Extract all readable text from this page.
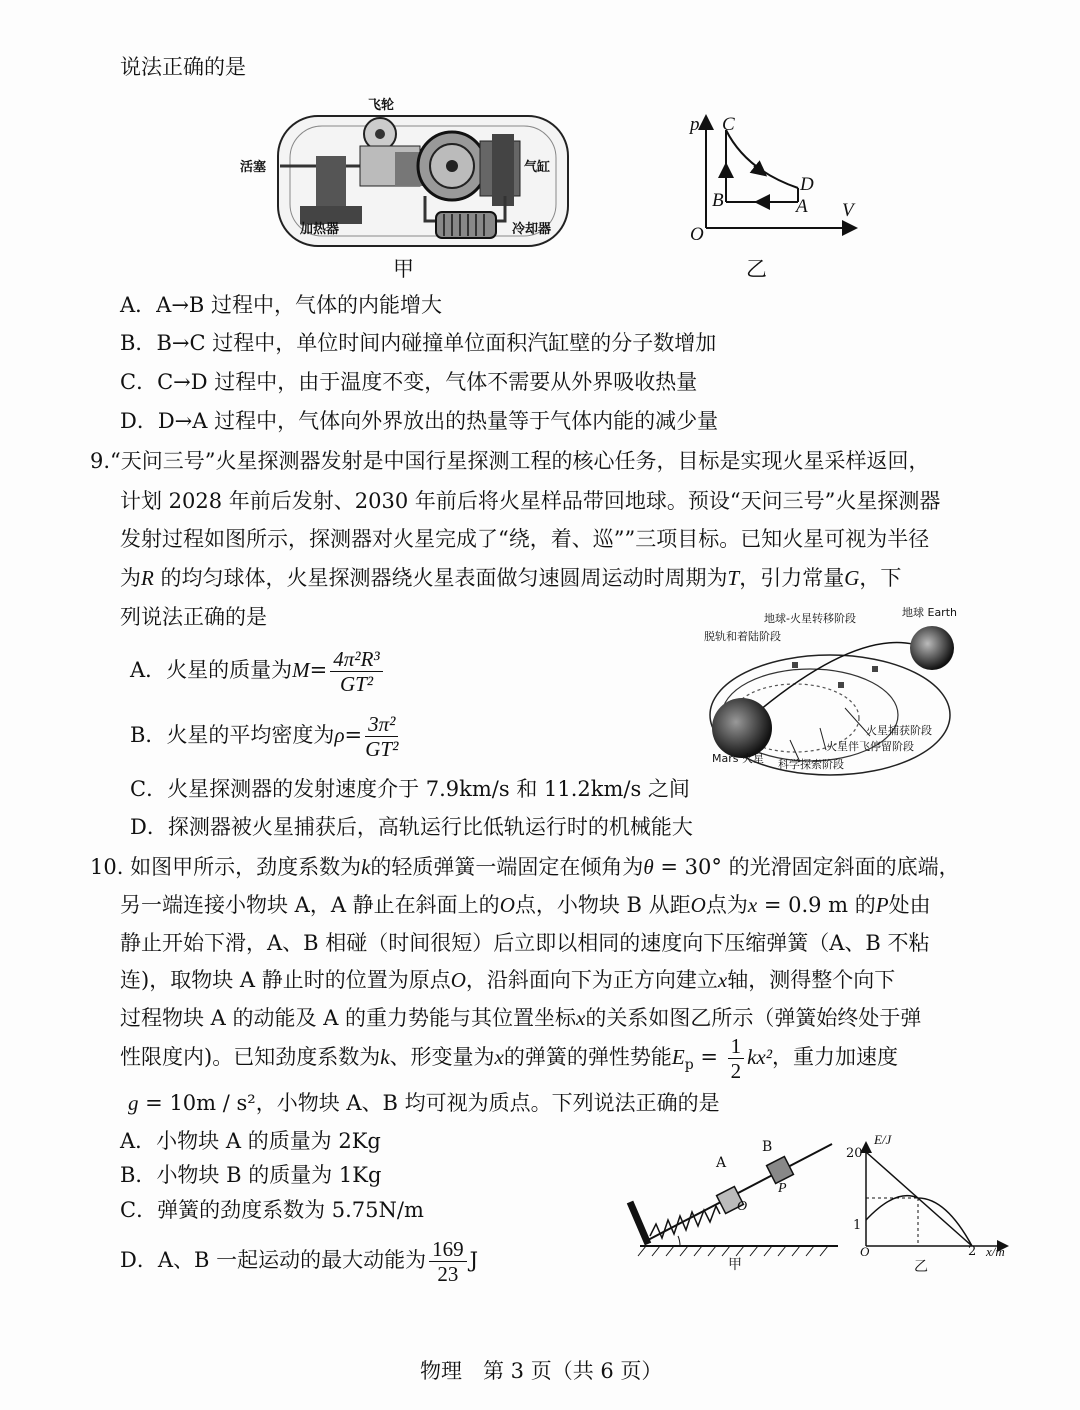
说法正确的是
飞轮
活塞	气缸
加热器	冷却器
甲
p C
B
D
A V
O
乙
A．A→B 过程中，气体的内能增大
B．B→C 过程中，单位时间内碰撞单位面积汽缸壁的分子数增加
C．C→D 过程中，由于温度不变，气体不需要从外界吸收热量
D．D→A 过程中，气体向外界放出的热量等于气体内能的减少量
9.“天问三号”火星探测器发射是中国行星探测工程的核心任务，目标是实现火星采样返回，
计划 2028 年前后发射、2030 年前后将火星样品带回地球。预设“天问三号”火星探测器
发射过程如图所示，探测器对火星完成了“绕，着、巡””三项目标。已知火星可视为半径
为R 的均匀球体，火星探测器绕火星表面做匀速圆周运动时周期为T，引力常量G，下
列说法正确的是
A．火星的质量为$M= \frac{\text{4π²R³}}{\text{GT²}}$
B．火星的平均密度为$\rho= \frac{\text{3π²}}{\text{GT²}}$
C．火星探测器的发射速度介于 7.9km/s 和 11.2km/s 之间
D．探测器被火星捕获后，高轨运行比低轨运行时的机械能大
地球-火星转移阶段	地球 Earth
脱轨和着陆阶段
火星捕获阶段
火星伴飞停留阶段
Mars 火星 科学探索阶段
10. 如图甲所示，劲度系数为k的轻质弹簧一端固定在倾角为θ = 30° 的光滑固定斜面的底端，
另一端连接小物块 A，A 静止在斜面上的O点，小物块 B 从距O点为x = 0.9 m 的P处由
静止开始下滑，A、B 相碰（时间很短）后立即以相同的速度向下压缩弹簧（A、B 不粘
连)，取物块 A 静止时的位置为原点O，沿斜面向下为正方向建立x轴，测得整个向下
过程物块 A 的动能及 A 的重力势能与其位置坐标x的关系如图乙所示（弹簧始终处于弹
性限度内)。已知劲度系数为k、形变量为x的弹簧的弹性势能$E_p = \frac{1}{2} kx^2$，重力加速度
g = 10m / s²，小物块 A、B 均可视为质点。下列说法正确的是
A．小物块 A 的质量为 2Kg
B．小物块 B 的质量为 1Kg
C．弹簧的劲度系数为 5.75N/m
D．A、B 一起运动的最大动能为 $\frac{169}{23}$ J
A
B
O
P
甲
E/J
20
1
O	2 x/m
乙
物理　第 3 页（共 6 页）
